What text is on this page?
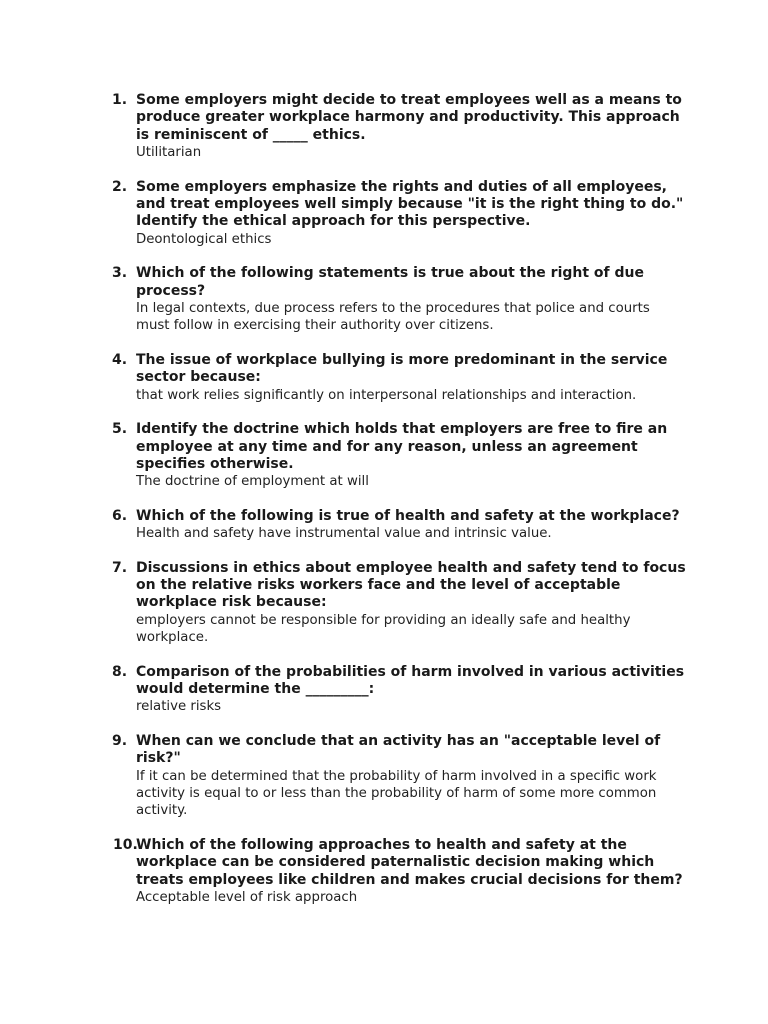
1. Some employers might decide to treat employees well as a means to
produce greater workplace harmony and productivity. This approach
is reminiscent of _____ ethics.
Utilitarian
2. Some employers emphasize the rights and duties of all employees,
and treat employees well simply because "it is the right thing to do."
Identify the ethical approach for this perspective.
Deontological ethics
3. Which of the following statements is true about the right of due
process?
In legal contexts, due process refers to the procedures that police and courts
must follow in exercising their authority over citizens.
4. The issue of workplace bullying is more predominant in the service
sector because:
that work relies significantly on interpersonal relationships and interaction.
5. Identify the doctrine which holds that employers are free to fire an
employee at any time and for any reason, unless an agreement
specifies otherwise.
The doctrine of employment at will
6. Which of the following is true of health and safety at the workplace?
Health and safety have instrumental value and intrinsic value.
7. Discussions in ethics about employee health and safety tend to focus
on the relative risks workers face and the level of acceptable
workplace risk because:
employers cannot be responsible for providing an ideally safe and healthy
workplace.
8. Comparison of the probabilities of harm involved in various activities
would determine the _________:
relative risks
9. When can we conclude that an activity has an "acceptable level of
risk?"
If it can be determined that the probability of harm involved in a specific work
activity is equal to or less than the probability of harm of some more common
activity.
10.
Which of the following approaches to health and safety at the
workplace can be considered paternalistic decision making which
treats employees like children and makes crucial decisions for them?
Acceptable level of risk approach
